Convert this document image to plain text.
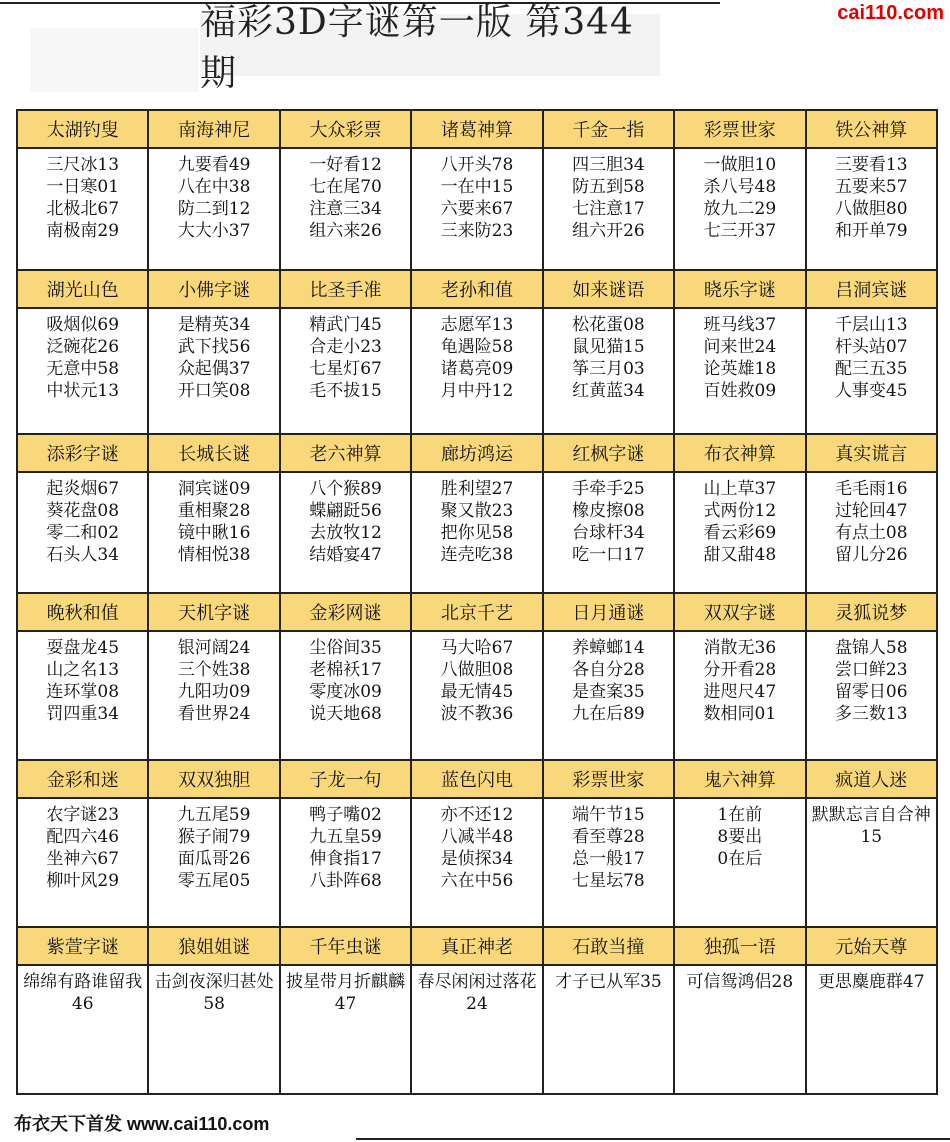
cai110.com
福彩3D字谜第一版 第344期
太湖钓叟	南海神尼	大众彩票	诸葛神算	千金一指	彩票世家	铁公神算

三尺冰13
一日寒01
北极北67
南极南29	九要看49
八在中38
防二到12
大大小37	一好看12
七在尾70
注意三34
组六来26	八开头78
一在中15
六要来67
三来防23	四三胆34
防五到58
七注意17
组六开26	一做胆10
杀八号48
放九二29
七三开37	三要看13
五要来57
八做胆80
和开单79

湖光山色	小佛字谜	比圣手准	老孙和值	如来谜语	晓乐字谜	吕洞宾谜

吸烟似69
泛碗花26
无意中58
中状元13	是精英34
武下找56
众起偶37
开口笑08	精武门45
合走小23
七星灯67
毛不拔15	志愿军13
龟遇险58
诸葛亮09
月中丹12	松花蛋08
鼠见猫15
筝三月03
红黄蓝34	班马线37
问来世24
论英雄18
百姓救09	千层山13
杆头站07
配三五35
人事变45

添彩字谜	长城长谜	老六神算	廊坊鸿运	红枫字谜	布衣神算	真实谎言

起炎烟67
葵花盘08
零二和02
石头人34	洞宾谜09
重相聚28
镜中瞅16
情相悦38	八个猴89
蝶翩跹56
去放牧12
结婚宴47	胜利望27
聚又散23
把你见58
连壳吃38	手牵手25
橡皮擦08
台球杆34
吃一口17	山上草37
式两份12
看云彩69
甜又甜48	毛毛雨16
过轮回47
有点土08
留儿分26

晚秋和值	天机字谜	金彩网谜	北京千艺	日月通谜	双双字谜	灵狐说梦

耍盘龙45
山之名13
连环掌08
罚四重34	银河阔24
三个姓38
九阳功09
看世界24	尘俗间35
老棉袄17
零度冰09
说天地68	马大哈67
八做胆08
最无情45
波不教36	养蟑螂14
各自分28
是查案35
九在后89	消散无36
分开看28
进咫尺47
数相同01	盘锦人58
尝口鲜23
留零日06
多三数13

金彩和迷	双双独胆	子龙一句	蓝色闪电	彩票世家	鬼六神算	疯道人迷

农字谜23
配四六46
坐神六67
柳叶风29	九五尾59
猴子闹79
面瓜哥26
零五尾05	鸭子嘴02
九五皇59
伸食指17
八卦阵68	亦不还12
八减半48
是侦探34
六在中56	端午节15
看至尊28
总一般17
七星坛78	1在前
8要出
0在后	默默忘言自合神15

紫萱字谜	狼姐姐谜	千年虫谜	真正神老	石敢当撞	独孤一语	元始天尊

绵绵有路谁留我46	击剑夜深归甚处58	披星带月折麒麟47	春尽闲闲过落花24	才子已从军35	可信鸳鸿侣28	更思麋鹿群47
布衣天下首发 www.cai110.com
